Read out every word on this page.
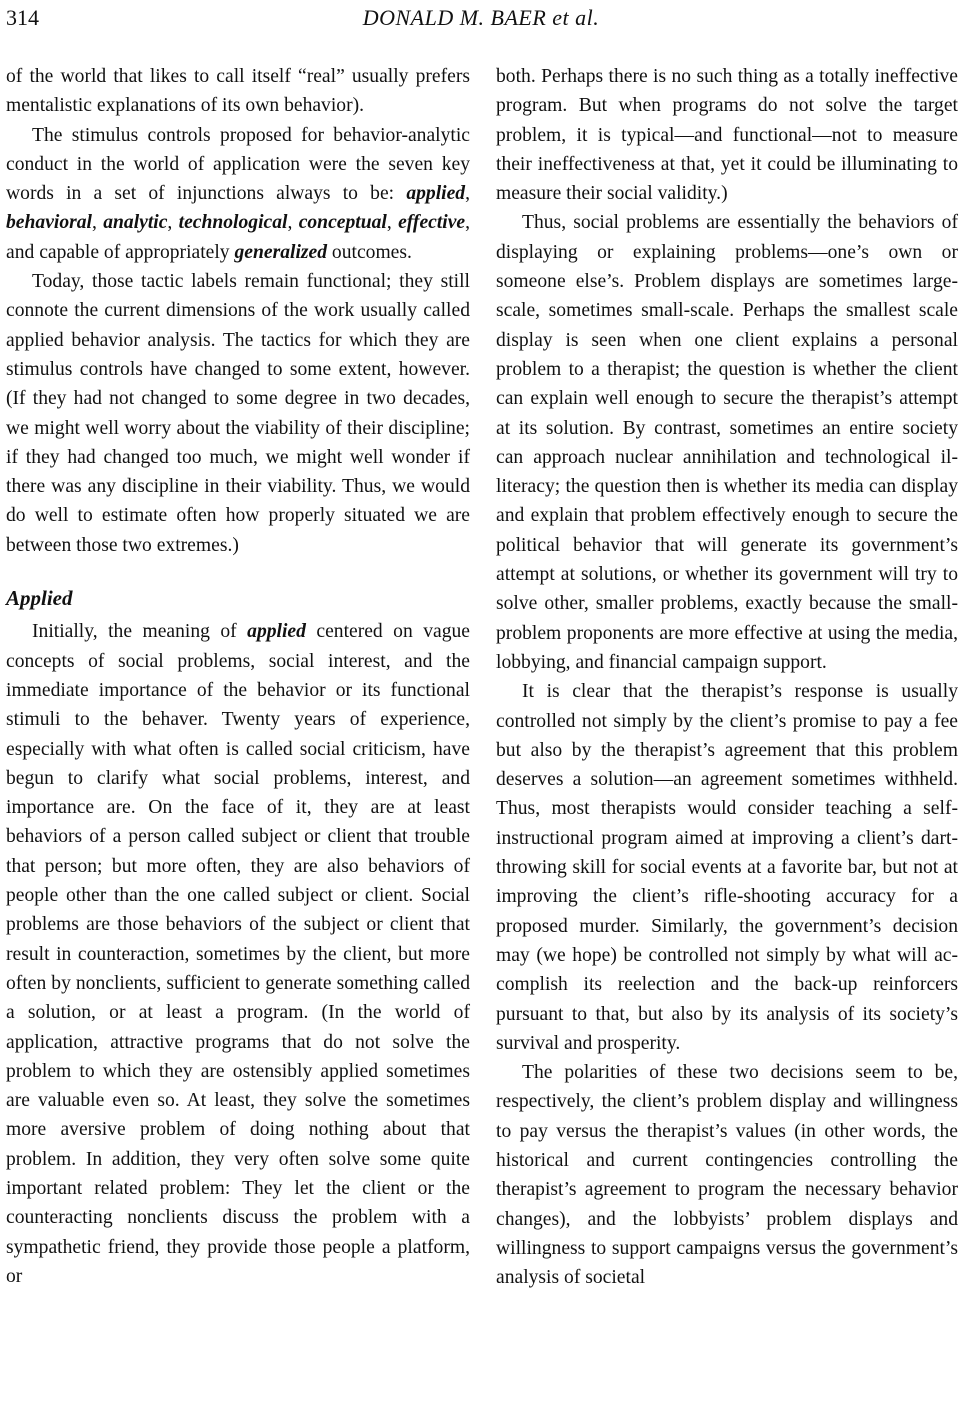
314	DONALD M. BAER et al.

of the world that likes to call itself “real” usually prefers mentalistic explanations of its own behavior).

The stimulus controls proposed for behavior-analytic conduct in the world of application were the seven key words in a set of injunctions always to be: applied, behavioral, analytic, technological, conceptual, effective, and capable of appropriately generalized outcomes.

Today, those tactic labels remain functional; they still connote the current dimensions of the work usually called applied behavior analysis. The tactics for which they are stimulus controls have changed to some extent, however. (If they had not changed to some degree in two decades, we might well worry about the viability of their discipline; if they had changed too much, we might well wonder if there was any discipline in their viability. Thus, we would do well to estimate often how properly situated we are between those two extremes.)

Applied

Initially, the meaning of applied centered on vague concepts of social problems, social interest, and the immediate importance of the behavior or its functional stimuli to the behaver. Twenty years of experience, especially with what often is called social criticism, have begun to clarify what social problems, interest, and importance are. On the face of it, they are at least behaviors of a person called subject or client that trouble that person; but more often, they are also behaviors of people other than the one called subject or client. Social problems are those behaviors of the subject or client that result in counteraction, sometimes by the client, but more often by nonclients, sufficient to generate something called a solution, or at least a program. (In the world of application, attractive programs that do not solve the problem to which they are ostensibly applied sometimes are valuable even so. At least, they solve the sometimes more aversive problem of doing nothing about that problem. In addition, they very often solve some quite important related problem: They let the client or the counteracting nonclients discuss the problem with a sympathetic friend, they provide those people a platform, or

both. Perhaps there is no such thing as a totally ineffective program. But when programs do not solve the target problem, it is typical—and functional—not to measure their ineffectiveness at that, yet it could be illuminating to measure their social validity.)

Thus, social problems are essentially the behaviors of displaying or explaining problems—one’s own or someone else’s. Problem displays are sometimes large-scale, sometimes small-scale. Perhaps the smallest scale display is seen when one client explains a personal problem to a therapist; the question is whether the client can explain well enough to secure the therapist’s attempt at its solution. By contrast, sometimes an entire society can approach nuclear annihilation and technological illiteracy; the question then is whether its media can display and explain that problem effectively enough to secure the political behavior that will generate its government’s attempt at solutions, or whether its government will try to solve other, smaller problems, exactly because the small-problem proponents are more effective at using the media, lobbying, and financial campaign support.

It is clear that the therapist’s response is usually controlled not simply by the client’s promise to pay a fee but also by the therapist’s agreement that this problem deserves a solution—an agreement sometimes withheld. Thus, most therapists would consider teaching a self-instructional program aimed at improving a client’s dart-throwing skill for social events at a favorite bar, but not at improving the client’s rifle-shooting accuracy for a proposed murder. Similarly, the government’s decision may (we hope) be controlled not simply by what will accomplish its reelection and the back-up reinforcers pursuant to that, but also by its analysis of its society’s survival and prosperity.

The polarities of these two decisions seem to be, respectively, the client’s problem display and willingness to pay versus the therapist’s values (in other words, the historical and current contingencies controlling the therapist’s agreement to program the necessary behavior changes), and the lobbyists’ problem displays and willingness to support campaigns versus the government’s analysis of societal
